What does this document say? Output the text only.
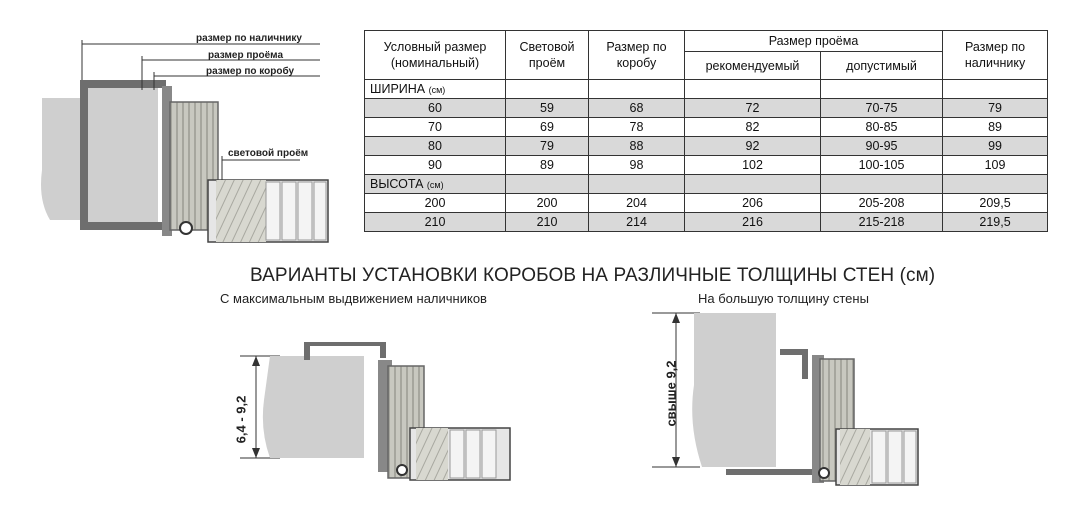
размер по наличнику
размер проёма
размер по коробу
световой проём
Условный размер (номинальный)	Световой проём	Размер по коробу	Размер проёма		Размер по наличнику
			рекомендуемый	допустимый	
ШИРИНА (см)					
60	59	68	72	70-75	79
70	69	78	82	80-85	89
80	79	88	92	90-95	99
90	89	98	102	100-105	109
ВЫСОТА (см)					
200	200	204	206	205-208	209,5
210	210	214	216	215-218	219,5
ВАРИАНТЫ УСТАНОВКИ КОРОБОВ НА РАЗЛИЧНЫЕ ТОЛЩИНЫ СТЕН (см)
С максимальным выдвижением наличников	На большую толщину стены
6,4 - 9,2	свыше 9,2
